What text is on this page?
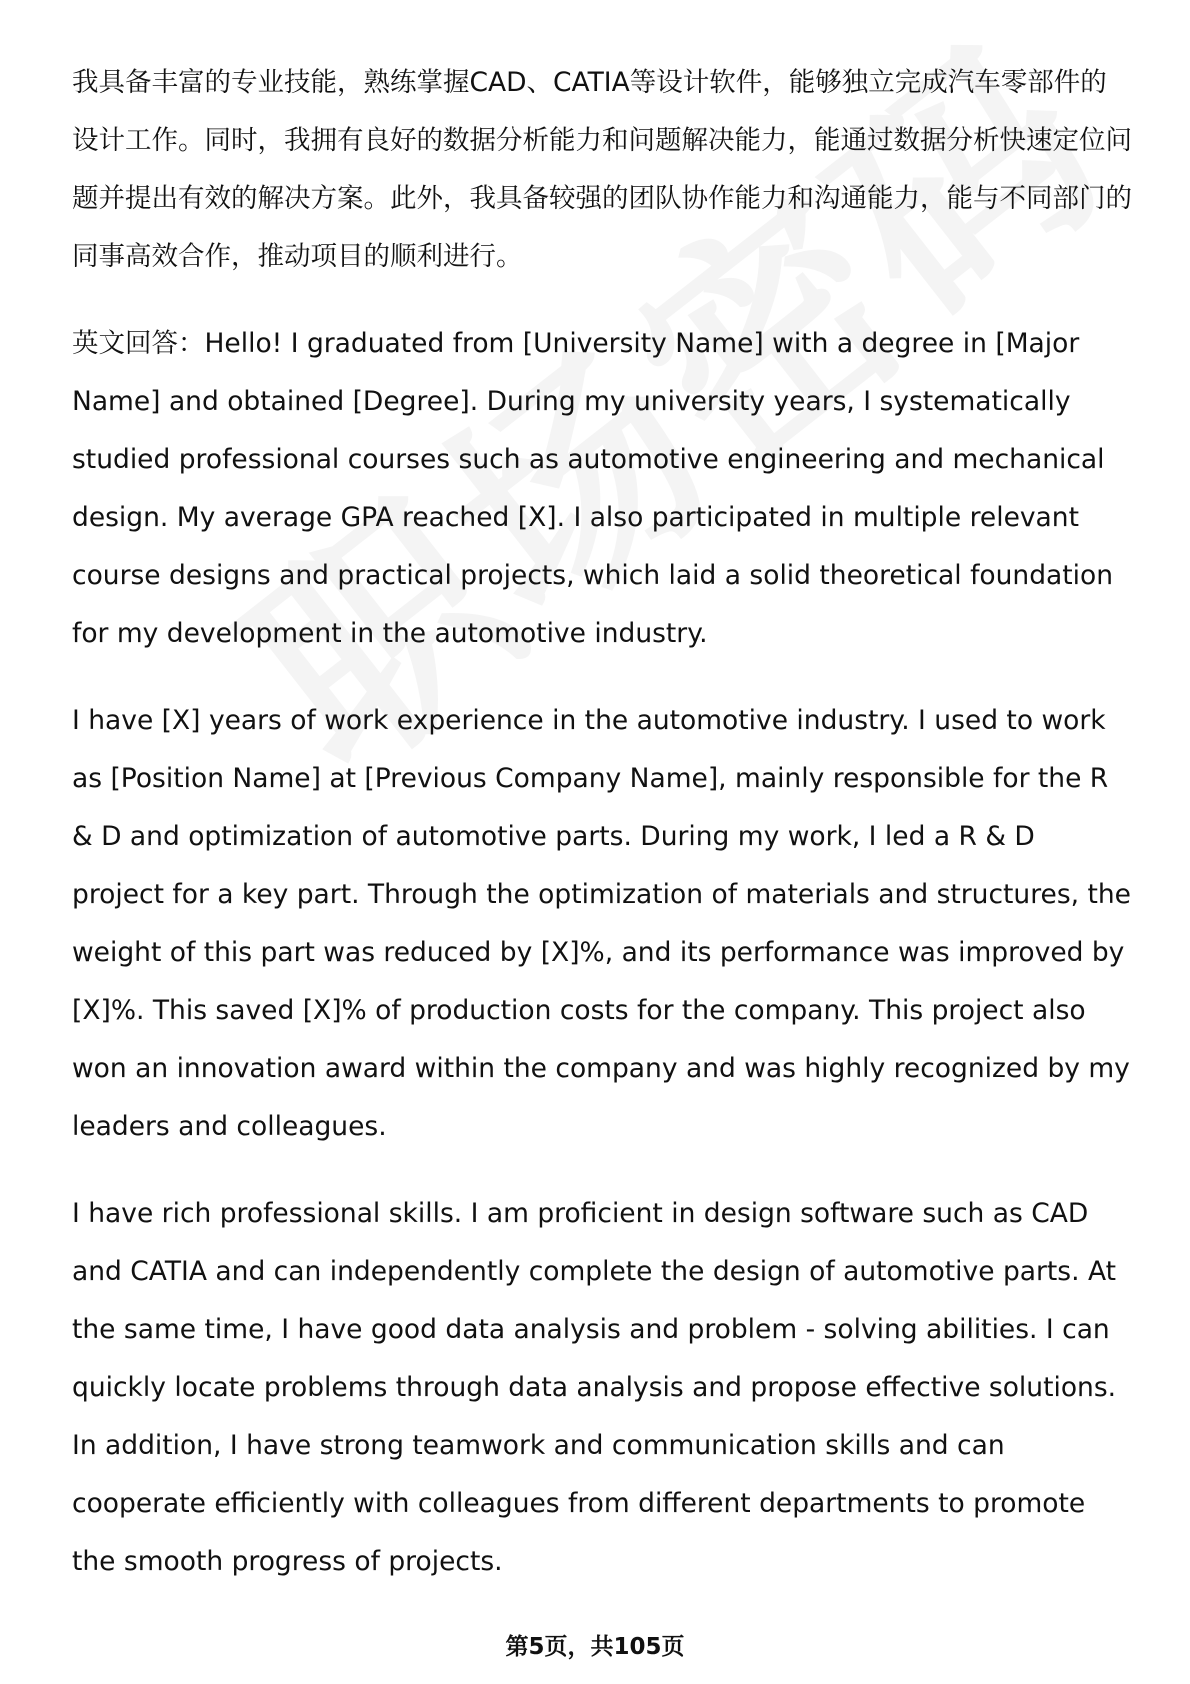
我具备丰富的专业技能，熟练掌握CAD、CATIA等设计软件，能够独立完成汽车零部件的设计工作。同时，我拥有良好的数据分析能力和问题解决能力，能通过数据分析快速定位问题并提出有效的解决方案。此外，我具备较强的团队协作能力和沟通能力，能与不同部门的同事高效合作，推动项目的顺利进行。

英文回答：Hello! I graduated from [University Name] with a degree in [Major Name] and obtained [Degree]. During my university years, I systematically studied professional courses such as automotive engineering and mechanical design. My average GPA reached [X]. I also participated in multiple relevant course designs and practical projects, which laid a solid theoretical foundation for my development in the automotive industry.

I have [X] years of work experience in the automotive industry. I used to work as [Position Name] at [Previous Company Name], mainly responsible for the R & D and optimization of automotive parts. During my work, I led a R & D project for a key part. Through the optimization of materials and structures, the weight of this part was reduced by [X]%, and its performance was improved by [X]%. This saved [X]% of production costs for the company. This project also won an innovation award within the company and was highly recognized by my leaders and colleagues.

I have rich professional skills. I am proficient in design software such as CAD and CATIA and can independently complete the design of automotive parts. At the same time, I have good data analysis and problem - solving abilities. I can quickly locate problems through data analysis and propose effective solutions. In addition, I have strong teamwork and communication skills and can cooperate efficiently with colleagues from different departments to promote the smooth progress of projects.

第5页，共105页
